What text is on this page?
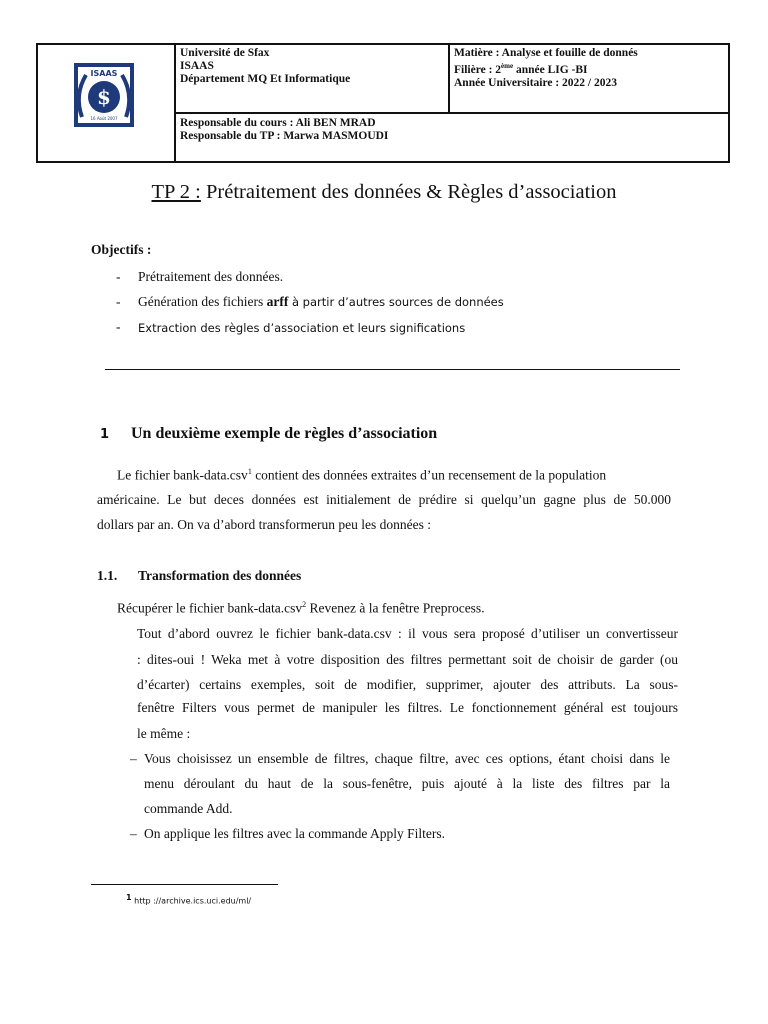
$
ISAAS
16 Août 2007
Université de Sfax
ISAAS
Département MQ Et Informatique
Matière : Analyse et fouille de donnés
Filière : 2ème année LIG -BI
Année Universitaire : 2022 / 2023
Responsable du cours : Ali BEN MRAD
Responsable du TP : Marwa MASMOUDI
TP 2 : Prétraitement des données & Règles d’association
Objectifs :
- Prétraitement des données.
- Génération des fichiers arff à partir d’autres sources de données
- Extraction des règles d’association et leurs significations
1 Un deuxième exemple de règles d’association
Le fichier bank-data.csv$^1$ contient des données extraites d’un recensement de la population
américaine. Le but deces données est initialement de prédire si quelqu’un gagne plus de 50.000
dollars par an. On va d’abord transformerun peu les données :
1.1. Transformation des données
Récupérer le fichier bank-data.csv$^2$ Revenez à la fenêtre Preprocess.
Tout d’abord ouvrez le fichier bank-data.csv : il vous sera proposé d’utiliser un convertisseur
: dites-oui ! Weka met à votre disposition des filtres permettant soit de choisir de garder (ou
d’écarter) certains exemples, soit de modifier, supprimer, ajouter des attributs. La sous-
fenêtre Filters vous permet de manipuler les filtres. Le fonctionnement général est toujours
le même :
– Vous choisissez un ensemble de filtres, chaque filtre, avec ces options, étant choisi dans le
menu déroulant du haut de la sous-fenêtre, puis ajouté à la liste des filtres par la
commande Add.
– On applique les filtres avec la commande Apply Filters.
$^1$ http ://archive.ics.uci.edu/ml/
